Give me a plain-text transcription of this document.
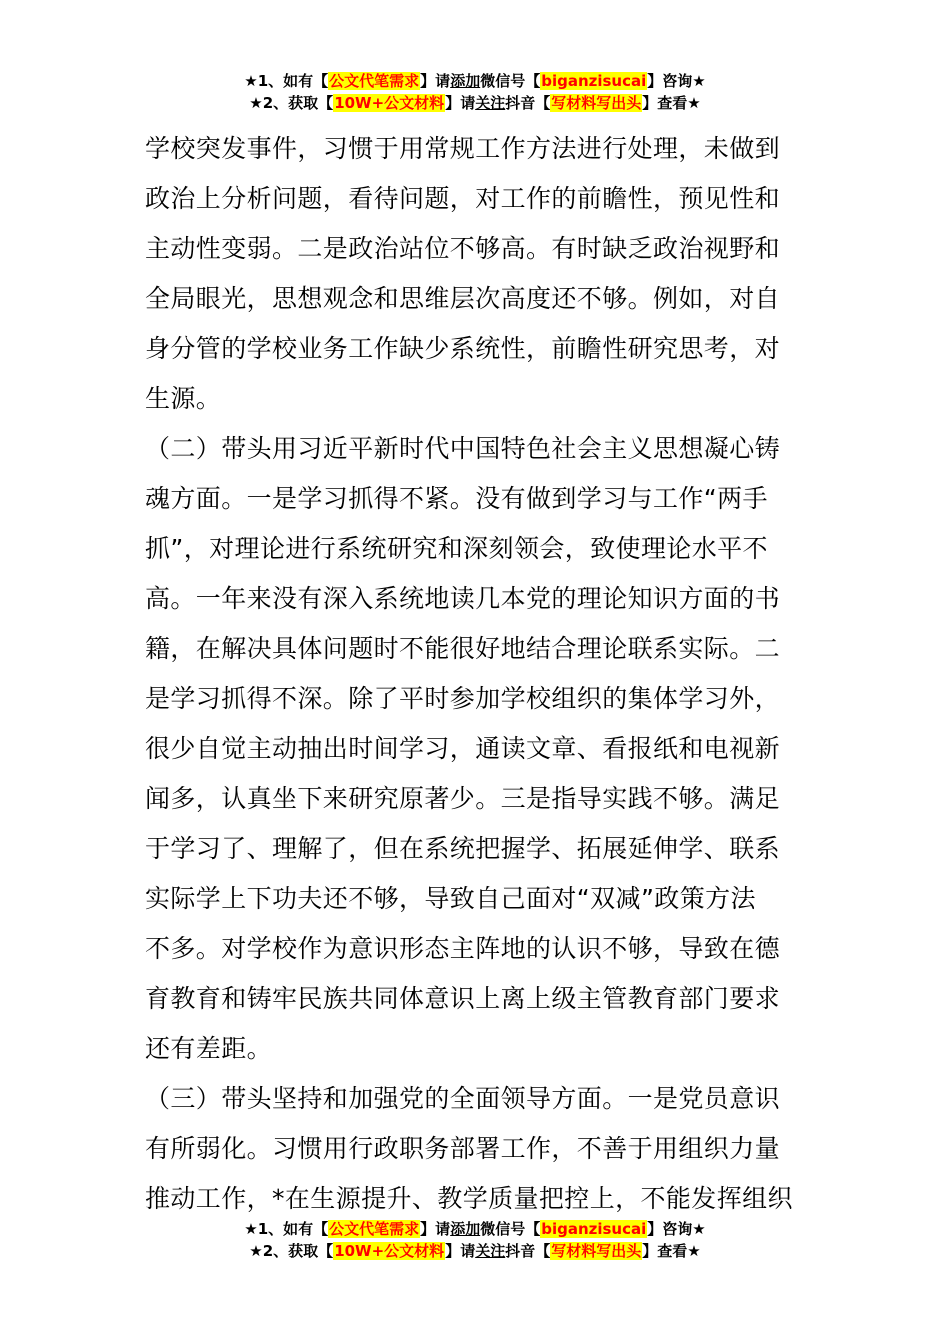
★1、如有【公文代笔需求】请添加微信号【biganzisucai】咨询★
★2、获取【10W+公文材料】请关注抖音【写材料写出头】查看★
学校突发事件，习惯于用常规工作方法进行处理，未做到
政治上分析问题，看待问题，对工作的前瞻性，预见性和
主动性变弱。二是政治站位不够高。有时缺乏政治视野和
全局眼光，思想观念和思维层次高度还不够。例如，对自
身分管的学校业务工作缺少系统性，前瞻性研究思考，对
生源。
（二）带头用习近平新时代中国特色社会主义思想凝心铸
魂方面。一是学习抓得不紧。没有做到学习与工作“两手
抓”，对理论进行系统研究和深刻领会，致使理论水平不
高。一年来没有深入系统地读几本党的理论知识方面的书
籍，在解决具体问题时不能很好地结合理论联系实际。二
是学习抓得不深。除了平时参加学校组织的集体学习外，
很少自觉主动抽出时间学习，通读文章、看报纸和电视新
闻多，认真坐下来研究原著少。三是指导实践不够。满足
于学习了、理解了，但在系统把握学、拓展延伸学、联系
实际学上下功夫还不够，导致自己面对“双减”政策方法
不多。对学校作为意识形态主阵地的认识不够，导致在德
育教育和铸牢民族共同体意识上离上级主管教育部门要求
还有差距。
（三）带头坚持和加强党的全面领导方面。一是党员意识
有所弱化。习惯用行政职务部署工作，不善于用组织力量
推动工作，*在生源提升、教学质量把控上，不能发挥组织
★1、如有【公文代笔需求】请添加微信号【biganzisucai】咨询★
★2、获取【10W+公文材料】请关注抖音【写材料写出头】查看★
